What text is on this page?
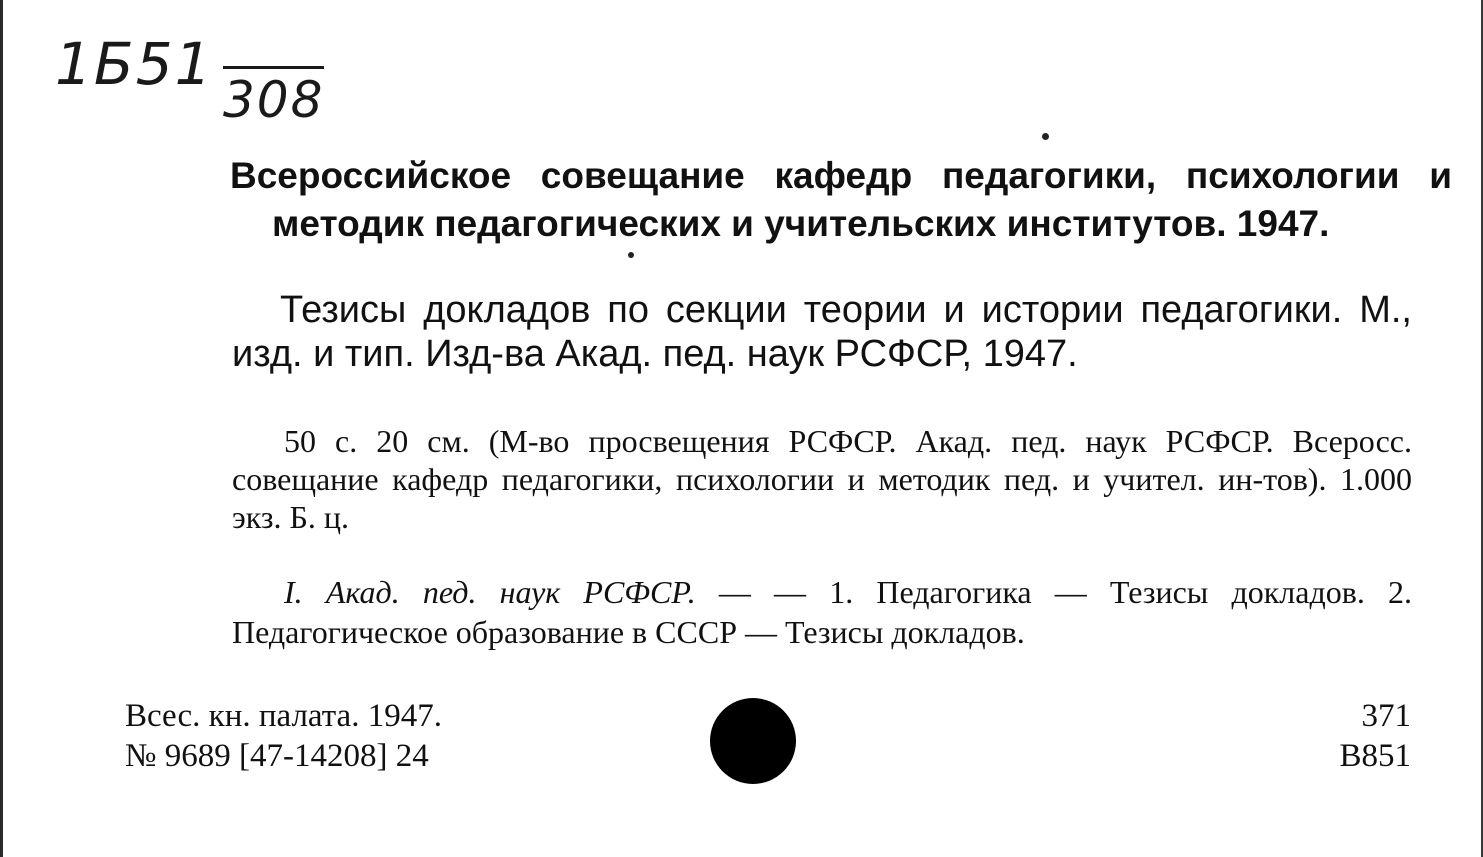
1Б51
308
Всероссийское совещание кафедр педагогики, психологии и методик педагогических и учительских институтов. 1947.
Тезисы докладов по секции теории и истории педагогики. М., изд. и тип. Изд-ва Акад. пед. наук РСФСР, 1947.
50 с. 20 см. (М-во просвещения РСФСР. Акад. пед. наук РСФСР. Всеросс. совещание кафедр педагогики, психологии и методик пед. и учител. ин-тов). 1.000 экз. Б. ц.
I. Акад. пед. наук РСФСР. — — 1. Педагогика — Тезисы докладов. 2. Педагогическое образование в СССР — Тезисы докладов.
Всес. кн. палата. 1947.
№ 9689 [47-14208] 24
371
B851
